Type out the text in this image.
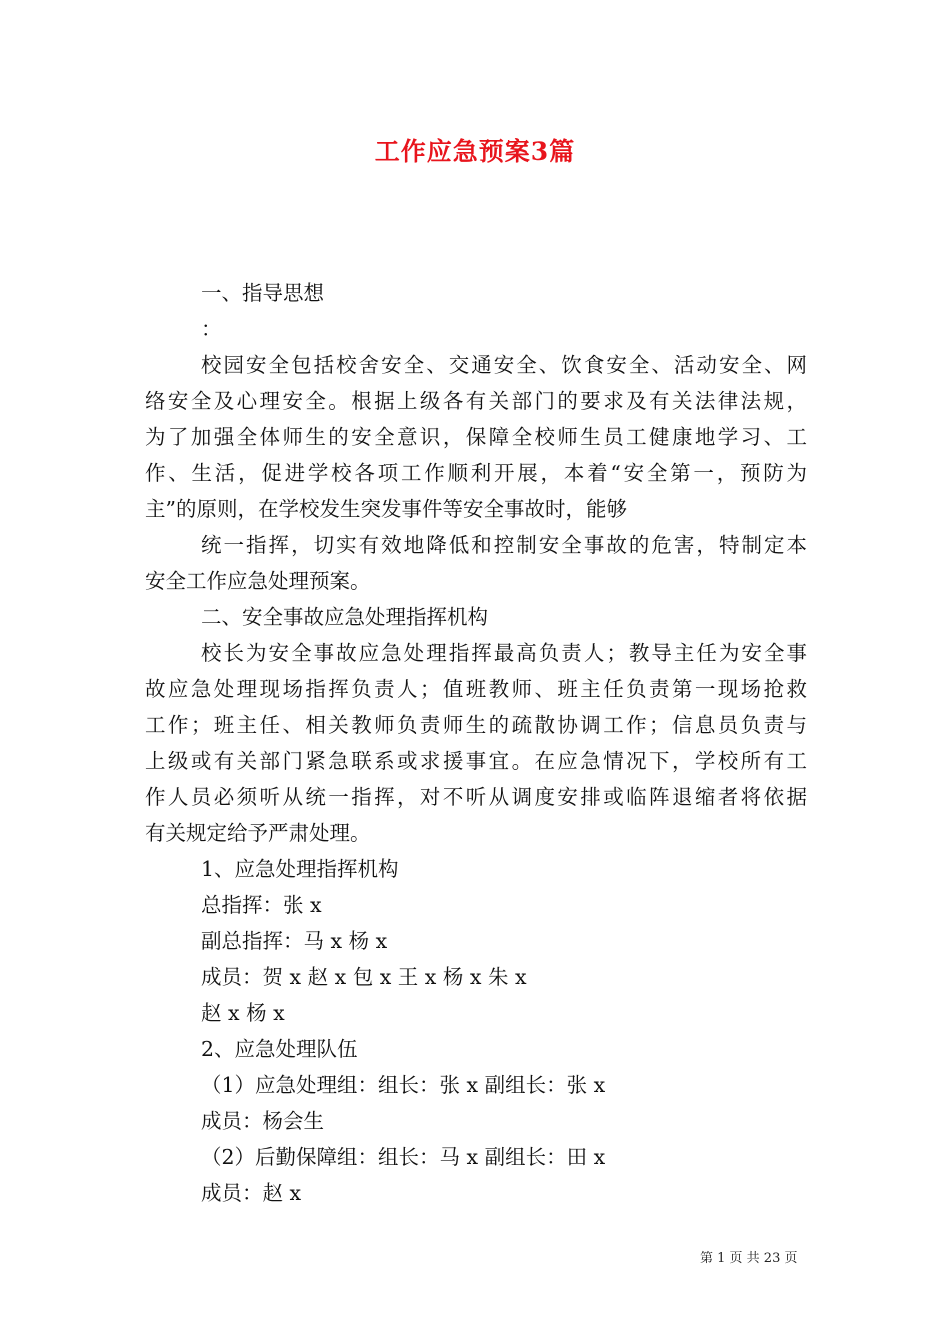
工作应急预案3篇
一、指导思想
：
校园安全包括校舍安全、交通安全、饮食安全、活动安全、网
络安全及心理安全。根据上级各有关部门的要求及有关法律法规，
为了加强全体师生的安全意识，保障全校师生员工健康地学习、工
作、生活，促进学校各项工作顺利开展，本着“安全第一，预防为
主”的原则，在学校发生突发事件等安全事故时，能够
统一指挥，切实有效地降低和控制安全事故的危害，特制定本
安全工作应急处理预案。
二、安全事故应急处理指挥机构
校长为安全事故应急处理指挥最高负责人；教导主任为安全事
故应急处理现场指挥负责人；值班教师、班主任负责第一现场抢救
工作；班主任、相关教师负责师生的疏散协调工作；信息员负责与
上级或有关部门紧急联系或求援事宜。在应急情况下，学校所有工
作人员必须听从统一指挥，对不听从调度安排或临阵退缩者将依据
有关规定给予严肃处理。
1、应急处理指挥机构
总指挥：张 x
副总指挥：马 x 杨 x
成员：贺 x 赵 x 包 x 王 x 杨 x 朱 x
赵 x 杨 x
2、应急处理队伍
（1）应急处理组：组长：张 x 副组长：张 x
成员：杨会生
（2）后勤保障组：组长：马 x 副组长：田 x
成员：赵 x
第 1 页 共 23 页
